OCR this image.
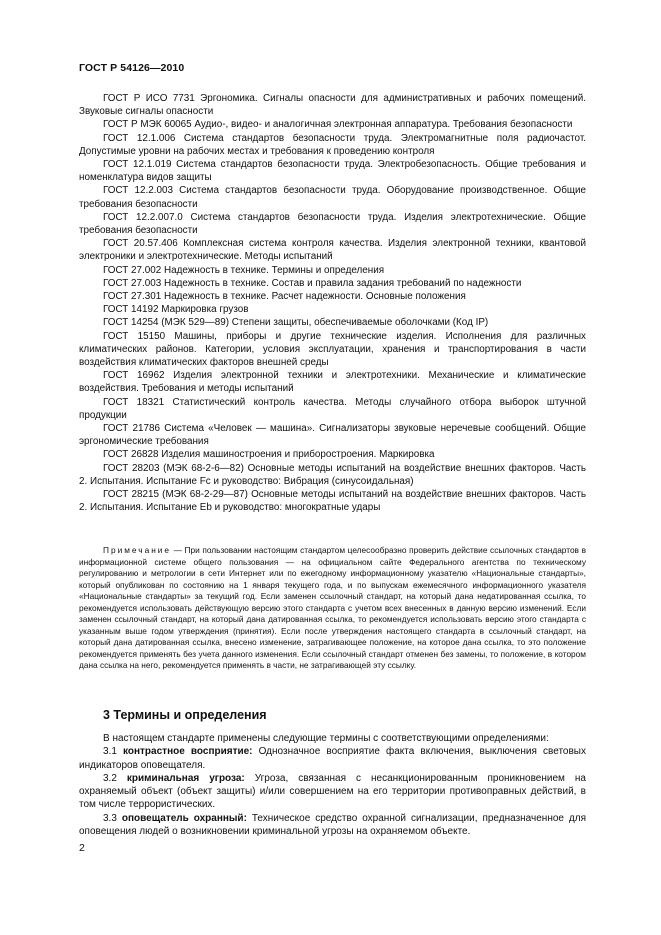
ГОСТ Р 54126—2010

ГОСТ Р ИСО 7731 Эргономика. Сигналы опасности для административных и рабочих помещений. Звуковые сигналы опасности

ГОСТ Р МЭК 60065 Аудио-, видео- и аналогичная электронная аппаратура. Требования безопасности

ГОСТ 12.1.006 Система стандартов безопасности труда. Электромагнитные поля радиочастот. Допустимые уровни на рабочих местах и требования к проведению контроля

ГОСТ 12.1.019 Система стандартов безопасности труда. Электробезопасность. Общие требования и номенклатура видов защиты

ГОСТ 12.2.003 Система стандартов безопасности труда. Оборудование производственное. Общие требования безопасности

ГОСТ 12.2.007.0 Система стандартов безопасности труда. Изделия электротехнические. Общие требования безопасности

ГОСТ 20.57.406 Комплексная система контроля качества. Изделия электронной техники, квантовой электроники и электротехнические. Методы испытаний

ГОСТ 27.002 Надежность в технике. Термины и определения

ГОСТ 27.003 Надежность в технике. Состав и правила задания требований по надежности

ГОСТ 27.301 Надежность в технике. Расчет надежности. Основные положения

ГОСТ 14192 Маркировка грузов

ГОСТ 14254 (МЭК 529—89) Степени защиты, обеспечиваемые оболочками (Код IP)

ГОСТ 15150 Машины, приборы и другие технические изделия. Исполнения для различных климатических районов. Категории, условия эксплуатации, хранения и транспортирования в части воздействия климатических факторов внешней среды

ГОСТ 16962 Изделия электронной техники и электротехники. Механические и климатические воздействия. Требования и методы испытаний

ГОСТ 18321 Статистический контроль качества. Методы случайного отбора выборок штучной продукции

ГОСТ 21786 Система «Человек — машина». Сигнализаторы звуковые неречевые сообщений. Общие эргономические требования

ГОСТ 26828 Изделия машиностроения и приборостроения. Маркировка

ГОСТ 28203 (МЭК 68-2-6—82) Основные методы испытаний на воздействие внешних факторов. Часть 2. Испытания. Испытание Fc и руководство: Вибрация (синусоидальная)

ГОСТ 28215 (МЭК 68-2-29—87) Основные методы испытаний на воздействие внешних факторов. Часть 2. Испытания. Испытание Eb и руководство: многократные удары

Примечание — При пользовании настоящим стандартом целесообразно проверить действие ссылочных стандартов в информационной системе общего пользования — на официальном сайте Федерального агентства по техническому регулированию и метрологии в сети Интернет или по ежегодному информационному указателю «Национальные стандарты», который опубликован по состоянию на 1 января текущего года, и по выпускам ежемесячного информационного указателя «Национальные стандарты» за текущий год. Если заменен ссылочный стандарт, на который дана недатированная ссылка, то рекомендуется использовать действующую версию этого стандарта с учетом всех внесенных в данную версию изменений. Если заменен ссылочный стандарт, на который дана датированная ссылка, то рекомендуется использовать версию этого стандарта с указанным выше годом утверждения (принятия). Если после утверждения настоящего стандарта в ссылочный стандарт, на который дана датированная ссылка, внесено изменение, затрагивающее положение, на которое дана ссылка, то это положение рекомендуется применять без учета данного изменения. Если ссылочный стандарт отменен без замены, то положение, в котором дана ссылка на него, рекомендуется применять в части, не затрагивающей эту ссылку.

3 Термины и определения

В настоящем стандарте применены следующие термины с соответствующими определениями:

3.1 контрастное восприятие: Однозначное восприятие факта включения, выключения световых индикаторов оповещателя.

3.2 криминальная угроза: Угроза, связанная с несанкционированным проникновением на охраняемый объект (объект защиты) и/или совершением на его территории противоправных действий, в том числе террористических.

3.3 оповещатель охранный: Техническое средство охранной сигнализации, предназначенное для оповещения людей о возникновении криминальной угрозы на охраняемом объекте.

2
